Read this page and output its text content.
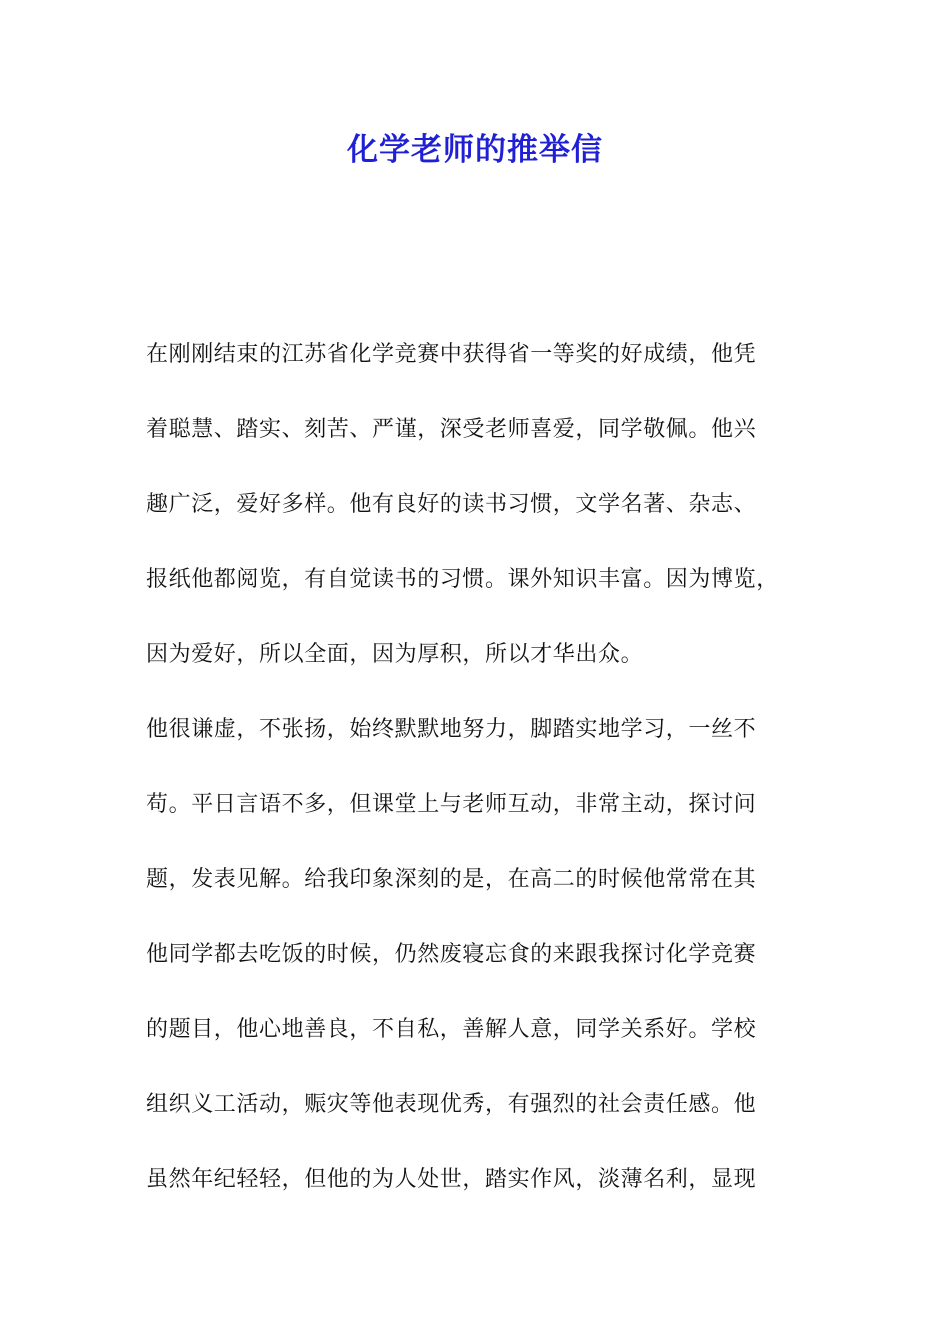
化学老师的推举信
在刚刚结束的江苏省化学竞赛中获得省一等奖的好成绩，他凭
着聪慧、踏实、刻苦、严谨，深受老师喜爱，同学敬佩。他兴
趣广泛，爱好多样。他有良好的读书习惯，文学名著、杂志、
报纸他都阅览，有自觉读书的习惯。课外知识丰富。因为博览，
因为爱好，所以全面，因为厚积，所以才华出众。
他很谦虚，不张扬，始终默默地努力，脚踏实地学习，一丝不
苟。平日言语不多，但课堂上与老师互动，非常主动，探讨问
题，发表见解。给我印象深刻的是，在高二的时候他常常在其
他同学都去吃饭的时候，仍然废寝忘食的来跟我探讨化学竞赛
的题目，他心地善良，不自私，善解人意，同学关系好。学校
组织义工活动，赈灾等他表现优秀，有强烈的社会责任感。他
虽然年纪轻轻，但他的为人处世，踏实作风，淡薄名利，显现
